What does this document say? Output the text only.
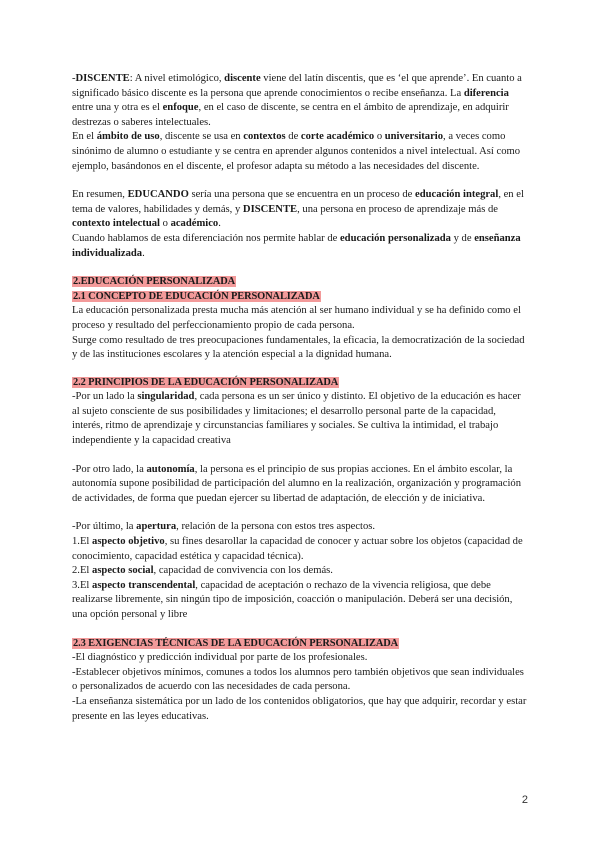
-DISCENTE: A nivel etimológico, discente viene del latín discentis, que es ‘el que aprende’. En cuanto a significado básico discente es la persona que aprende conocimientos o recibe enseñanza. La diferencia entre una y otra es el enfoque, en el caso de discente, se centra en el ámbito de aprendizaje, en adquirir destrezas o saberes intelectuales.

En el ámbito de uso, discente se usa en contextos de corte académico o universitario, a veces como sinónimo de alumno o estudiante y se centra en aprender algunos contenidos a nivel intelectual. Así como ejemplo, basándonos en el discente, el profesor adapta su método a las necesidades del discente.

En resumen, EDUCANDO sería una persona que se encuentra en un proceso de educación integral, en el tema de valores, habilidades y demás, y DISCENTE, una persona en proceso de aprendizaje más de contexto intelectual o académico.

Cuando hablamos de esta diferenciación nos permite hablar de educación personalizada y de enseñanza individualizada.

2.EDUCACIÓN PERSONALIZADA

2.1 CONCEPTO DE EDUCACIÓN PERSONALIZADA

La educación personalizada presta mucha más atención al ser humano individual y se ha definido como el proceso y resultado del perfeccionamiento propio de cada persona.

Surge como resultado de tres preocupaciones fundamentales, la eficacia, la democratización de la sociedad y de las instituciones escolares y la atención especial a la dignidad humana.

2.2 PRINCIPIOS DE LA EDUCACIÓN PERSONALIZADA

-Por un lado la singularidad, cada persona es un ser único y distinto. El objetivo de la educación es hacer al sujeto consciente de sus posibilidades y limitaciones; el desarrollo personal parte de la capacidad, interés, ritmo de aprendizaje y circunstancias familiares y sociales. Se cultiva la intimidad, el trabajo independiente y la capacidad creativa

-Por otro lado, la autonomía, la persona es el principio de sus propias acciones. En el ámbito escolar, la autonomía supone posibilidad de participación del alumno en la realización, organización y programación de actividades, de forma que puedan ejercer su libertad de adaptación, de elección y de iniciativa.

-Por último, la apertura, relación de la persona con estos tres aspectos.

1.El aspecto objetivo, su fines desarollar la capacidad de conocer y actuar sobre los objetos (capacidad de conocimiento, capacidad estética y capacidad técnica).

2.El aspecto social, capacidad de convivencia con los demás.

3.El aspecto transcendental, capacidad de aceptación o rechazo de la vivencia religiosa, que debe realizarse libremente, sin ningún tipo de imposición, coacción o manipulación. Deberá ser una decisión, una opción personal y libre

2.3 EXIGENCIAS TÉCNICAS DE LA EDUCACIÓN PERSONALIZADA

-El diagnóstico y predicción individual por parte de los profesionales.

-Establecer objetivos mínimos, comunes a todos los alumnos pero también objetivos que sean individuales o personalizados de acuerdo con las necesidades de cada persona.

-La enseñanza sistemática por un lado de los contenidos obligatorios, que hay que adquirir, recordar y estar presente en las leyes educativas.

2
